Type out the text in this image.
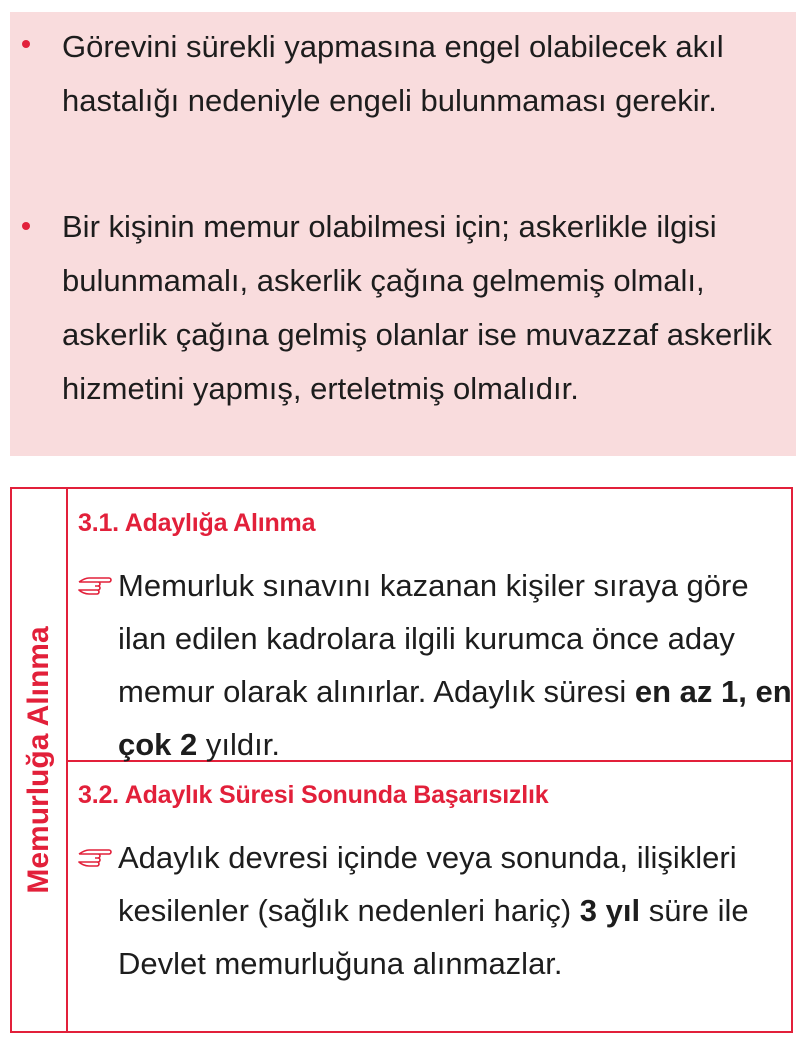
Görevini sürekli yapmasına engel olabilecek akıl hastalığı nedeniyle engeli bulunmaması gerekir.
Bir kişinin memur olabilmesi için; askerlikle ilgisi bulunmamalı, askerlik çağına gelmemiş olmalı, askerlik çağına gelmiş olanlar ise muvazzaf askerlik hizmetini yapmış, erteletmiş olmalıdır.
Memurluğa Alınma
3.1. Adaylığa Alınma
Memurluk sınavını kazanan kişiler sıraya göre ilan edilen kadrolara ilgili kurumca önce aday memur olarak alınırlar. Adaylık süresi en az 1, en çok 2 yıldır.
3.2. Adaylık Süresi Sonunda Başarısızlık
Adaylık devresi içinde veya sonunda, ilişikleri kesilenler (sağlık nedenleri hariç) 3 yıl süre ile Devlet memurluğuna alınmazlar.
